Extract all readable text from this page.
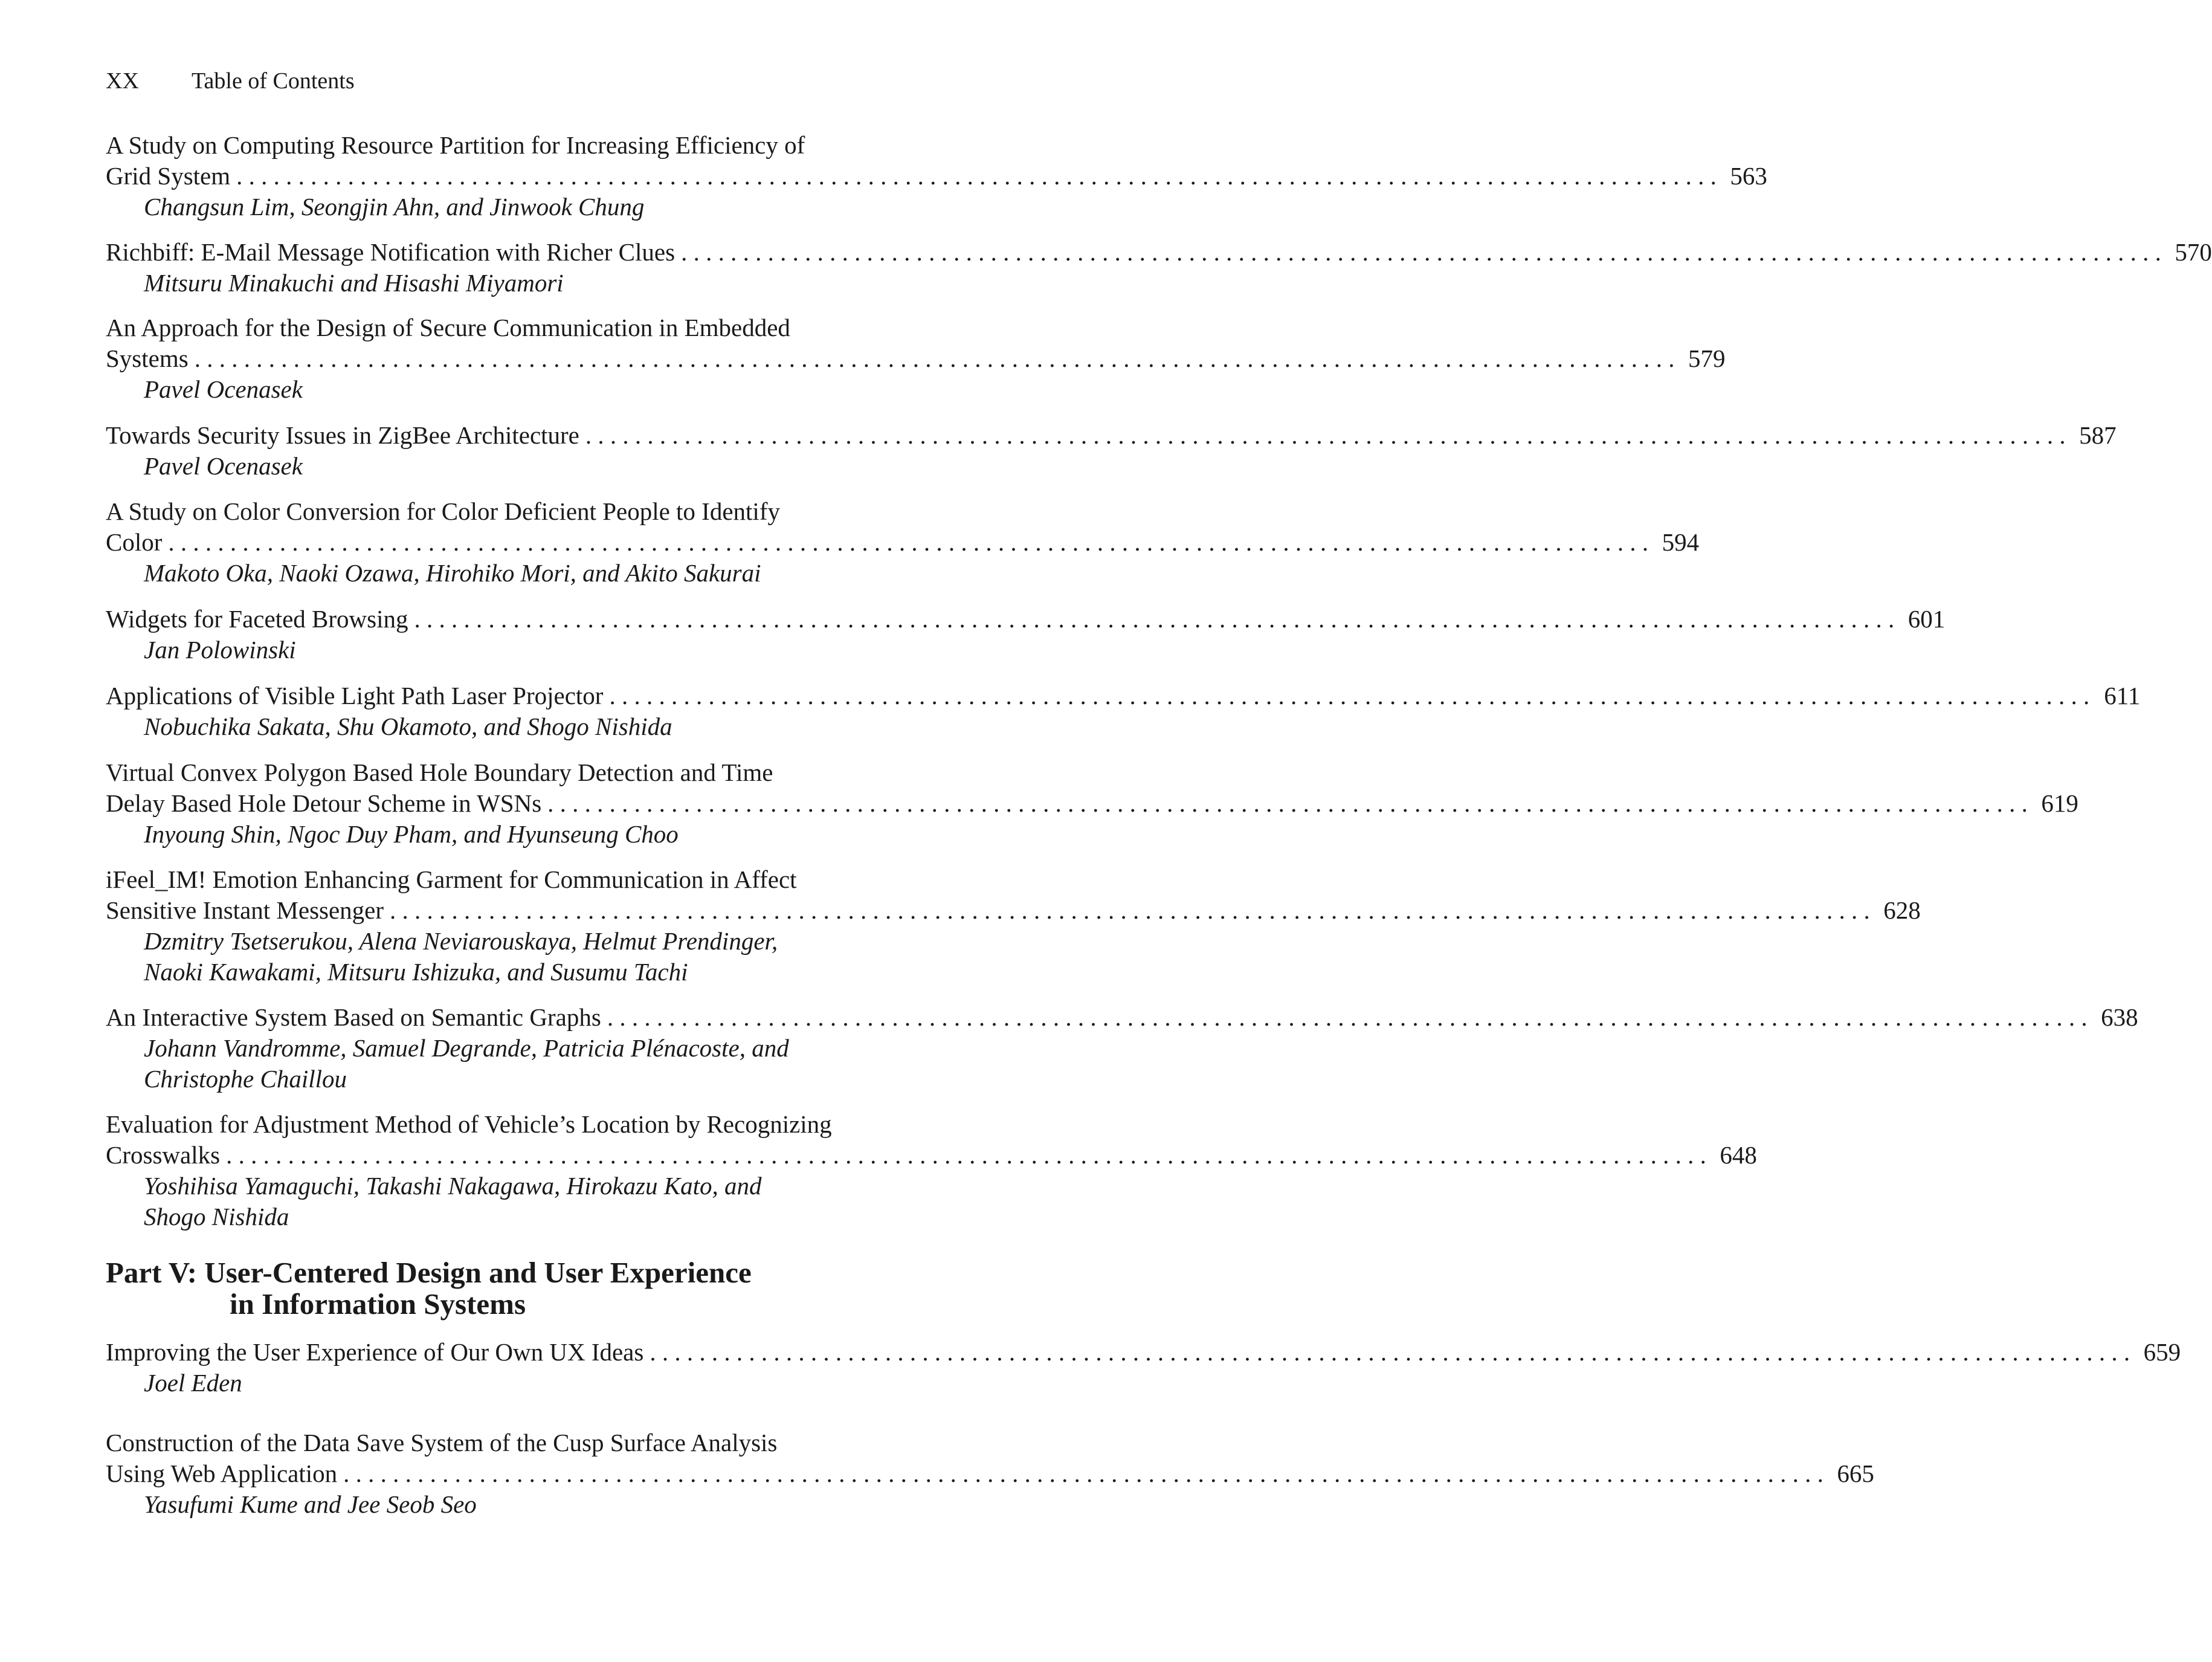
XX Table of Contents
A Study on Computing Resource Partition for Increasing Efficiency of
Grid System . . . . . . . . . . . . . . . . . . . . . . . . . . . . . . . . . . . . . . . . . . . . . . . . . . . . . . . . . . . . . . . . . . . . . . . . . . . . . . . . . . . . . . . . . . . . . . . . . . . . . . . . . . . . . . . . . . . . . . . . 563
Changsun Lim, Seongjin Ahn, and Jinwook Chung
Richbiff: E-Mail Message Notification with Richer Clues . . . . . . . . . . . . . . . . . . . . . . . . . . . . . . . . . . . . . . . . . . . . . . . . . . . . . . . . . . . . . . . . . . . . . . . . . . . . . . . . . . . . . . . . . . . . . . . . . . . . . . . . . . . . . . . . . . . . . . . . 570
Mitsuru Minakuchi and Hisashi Miyamori
An Approach for the Design of Secure Communication in Embedded
Systems . . . . . . . . . . . . . . . . . . . . . . . . . . . . . . . . . . . . . . . . . . . . . . . . . . . . . . . . . . . . . . . . . . . . . . . . . . . . . . . . . . . . . . . . . . . . . . . . . . . . . . . . . . . . . . . . . . . . . . . . 579
Pavel Ocenasek
Towards Security Issues in ZigBee Architecture . . . . . . . . . . . . . . . . . . . . . . . . . . . . . . . . . . . . . . . . . . . . . . . . . . . . . . . . . . . . . . . . . . . . . . . . . . . . . . . . . . . . . . . . . . . . . . . . . . . . . . . . . . . . . . . . . . . . . . . . 587
Pavel Ocenasek
A Study on Color Conversion for Color Deficient People to Identify
Color . . . . . . . . . . . . . . . . . . . . . . . . . . . . . . . . . . . . . . . . . . . . . . . . . . . . . . . . . . . . . . . . . . . . . . . . . . . . . . . . . . . . . . . . . . . . . . . . . . . . . . . . . . . . . . . . . . . . . . . . 594
Makoto Oka, Naoki Ozawa, Hirohiko Mori, and Akito Sakurai
Widgets for Faceted Browsing . . . . . . . . . . . . . . . . . . . . . . . . . . . . . . . . . . . . . . . . . . . . . . . . . . . . . . . . . . . . . . . . . . . . . . . . . . . . . . . . . . . . . . . . . . . . . . . . . . . . . . . . . . . . . . . . . . . . . . . . 601
Jan Polowinski
Applications of Visible Light Path Laser Projector . . . . . . . . . . . . . . . . . . . . . . . . . . . . . . . . . . . . . . . . . . . . . . . . . . . . . . . . . . . . . . . . . . . . . . . . . . . . . . . . . . . . . . . . . . . . . . . . . . . . . . . . . . . . . . . . . . . . . . . . 611
Nobuchika Sakata, Shu Okamoto, and Shogo Nishida
Virtual Convex Polygon Based Hole Boundary Detection and Time
Delay Based Hole Detour Scheme in WSNs . . . . . . . . . . . . . . . . . . . . . . . . . . . . . . . . . . . . . . . . . . . . . . . . . . . . . . . . . . . . . . . . . . . . . . . . . . . . . . . . . . . . . . . . . . . . . . . . . . . . . . . . . . . . . . . . . . . . . . . . 619
Inyoung Shin, Ngoc Duy Pham, and Hyunseung Choo
iFeel_IM! Emotion Enhancing Garment for Communication in Affect
Sensitive Instant Messenger . . . . . . . . . . . . . . . . . . . . . . . . . . . . . . . . . . . . . . . . . . . . . . . . . . . . . . . . . . . . . . . . . . . . . . . . . . . . . . . . . . . . . . . . . . . . . . . . . . . . . . . . . . . . . . . . . . . . . . . . 628
Dzmitry Tsetserukou, Alena Neviarouskaya, Helmut Prendinger,
Naoki Kawakami, Mitsuru Ishizuka, and Susumu Tachi
An Interactive System Based on Semantic Graphs . . . . . . . . . . . . . . . . . . . . . . . . . . . . . . . . . . . . . . . . . . . . . . . . . . . . . . . . . . . . . . . . . . . . . . . . . . . . . . . . . . . . . . . . . . . . . . . . . . . . . . . . . . . . . . . . . . . . . . . . 638
Johann Vandromme, Samuel Degrande, Patricia Plénacoste, and
Christophe Chaillou
Evaluation for Adjustment Method of Vehicle’s Location by Recognizing
Crosswalks . . . . . . . . . . . . . . . . . . . . . . . . . . . . . . . . . . . . . . . . . . . . . . . . . . . . . . . . . . . . . . . . . . . . . . . . . . . . . . . . . . . . . . . . . . . . . . . . . . . . . . . . . . . . . . . . . . . . . . . . 648
Yoshihisa Yamaguchi, Takashi Nakagawa, Hirokazu Kato, and
Shogo Nishida
Part V: User-Centered Design and User Experience
in Information Systems
Improving the User Experience of Our Own UX Ideas . . . . . . . . . . . . . . . . . . . . . . . . . . . . . . . . . . . . . . . . . . . . . . . . . . . . . . . . . . . . . . . . . . . . . . . . . . . . . . . . . . . . . . . . . . . . . . . . . . . . . . . . . . . . . . . . . . . . . . . . 659
Joel Eden
Construction of the Data Save System of the Cusp Surface Analysis
Using Web Application . . . . . . . . . . . . . . . . . . . . . . . . . . . . . . . . . . . . . . . . . . . . . . . . . . . . . . . . . . . . . . . . . . . . . . . . . . . . . . . . . . . . . . . . . . . . . . . . . . . . . . . . . . . . . . . . . . . . . . . . 665
Yasufumi Kume and Jee Seob Seo
